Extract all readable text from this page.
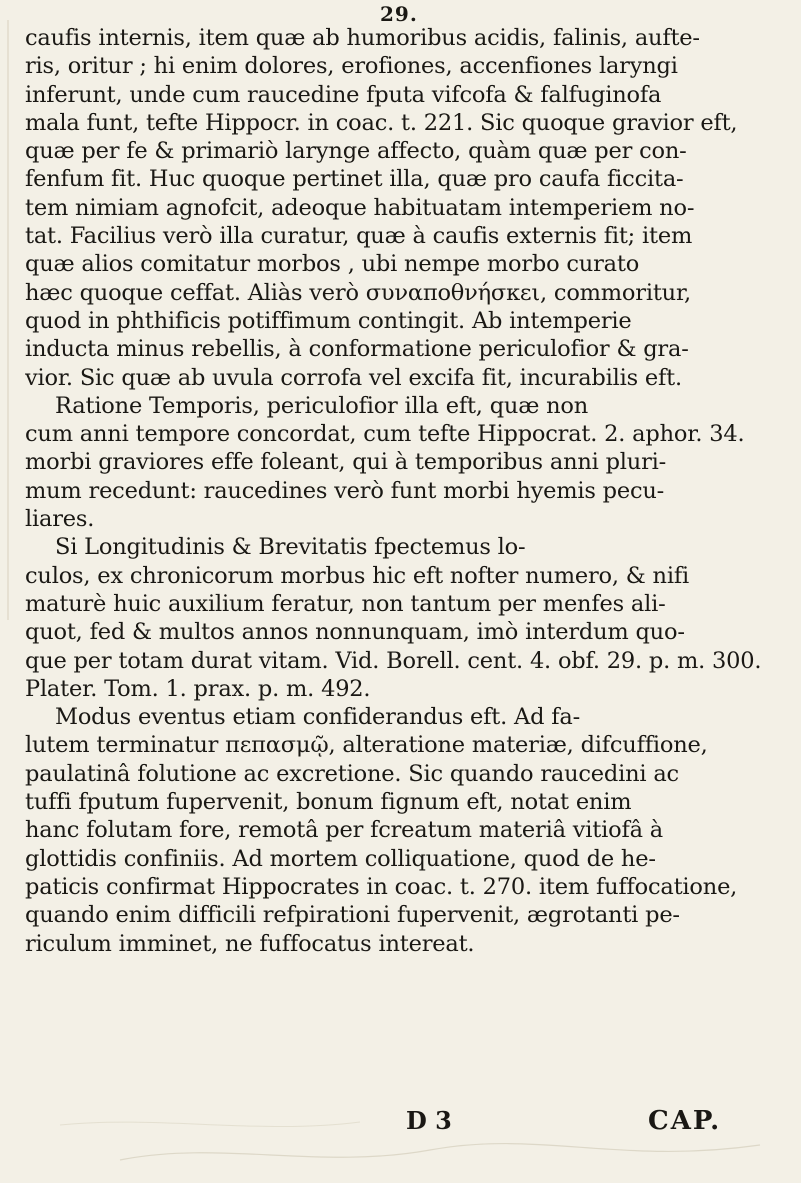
29.
caufis internis, item quæ ab humoribus acidis, falinis, aufte-
ris, oritur ; hi enim dolores, erofiones, accenfiones laryngi
inferunt, unde cum raucedine fputa vifcofa & falfuginofa
mala funt, tefte Hippocr. in coac. t. 221. Sic quoque gravior eft,
quæ per fe & primariò larynge affecto, quàm quæ per con-
fenfum fit. Huc quoque pertinet illa, quæ pro caufa ficcita-
tem nimiam agnofcit, adeoque habituatam intemperiem no-
tat. Facilius verò illa curatur, quæ à caufis externis fit; item
quæ alios comitatur morbos , ubi nempe morbo curato
hæc quoque ceffat. Aliàs verò συναποθνήσκει, commoritur,
quod in phthificis potiffimum contingit. Ab intemperie
inducta minus rebellis, à conformatione periculofior & gra-
vior. Sic quæ ab uvula corrofa vel excifa fit, incurabilis eft.
Ratione Temporis, periculofior illa eft, quæ non
cum anni tempore concordat, cum tefte Hippocrat. 2. aphor. 34.
morbi graviores effe foleant, qui à temporibus anni pluri-
mum recedunt: raucedines verò funt morbi hyemis pecu-
liares.
Si Longitudinis & Brevitatis fpectemus lo-
culos, ex chronicorum morbus hic eft nofter numero, & nifi
maturè huic auxilium feratur, non tantum per menfes ali-
quot, fed & multos annos nonnunquam, imò interdum quo-
que per totam durat vitam. Vid. Borell. cent. 4. obf. 29. p. m. 300.
Plater. Tom. 1. prax. p. m. 492.
Modus eventus etiam confiderandus eft. Ad fa-
lutem terminatur πεπασμῷ, alteratione materiæ, difcuffione,
paulatinâ folutione ac excretione. Sic quando raucedini ac
tuffi fputum fupervenit, bonum fignum eft, notat enim
hanc folutam fore, remotâ per fcreatum materiâ vitiofâ à
glottidis confiniis. Ad mortem colliquatione, quod de he-
paticis confirmat Hippocrates in coac. t. 270. item fuffocatione,
quando enim difficili refpirationi fupervenit, ægrotanti pe-
riculum imminet, ne fuffocatus intereat.
D 3	CAP.
